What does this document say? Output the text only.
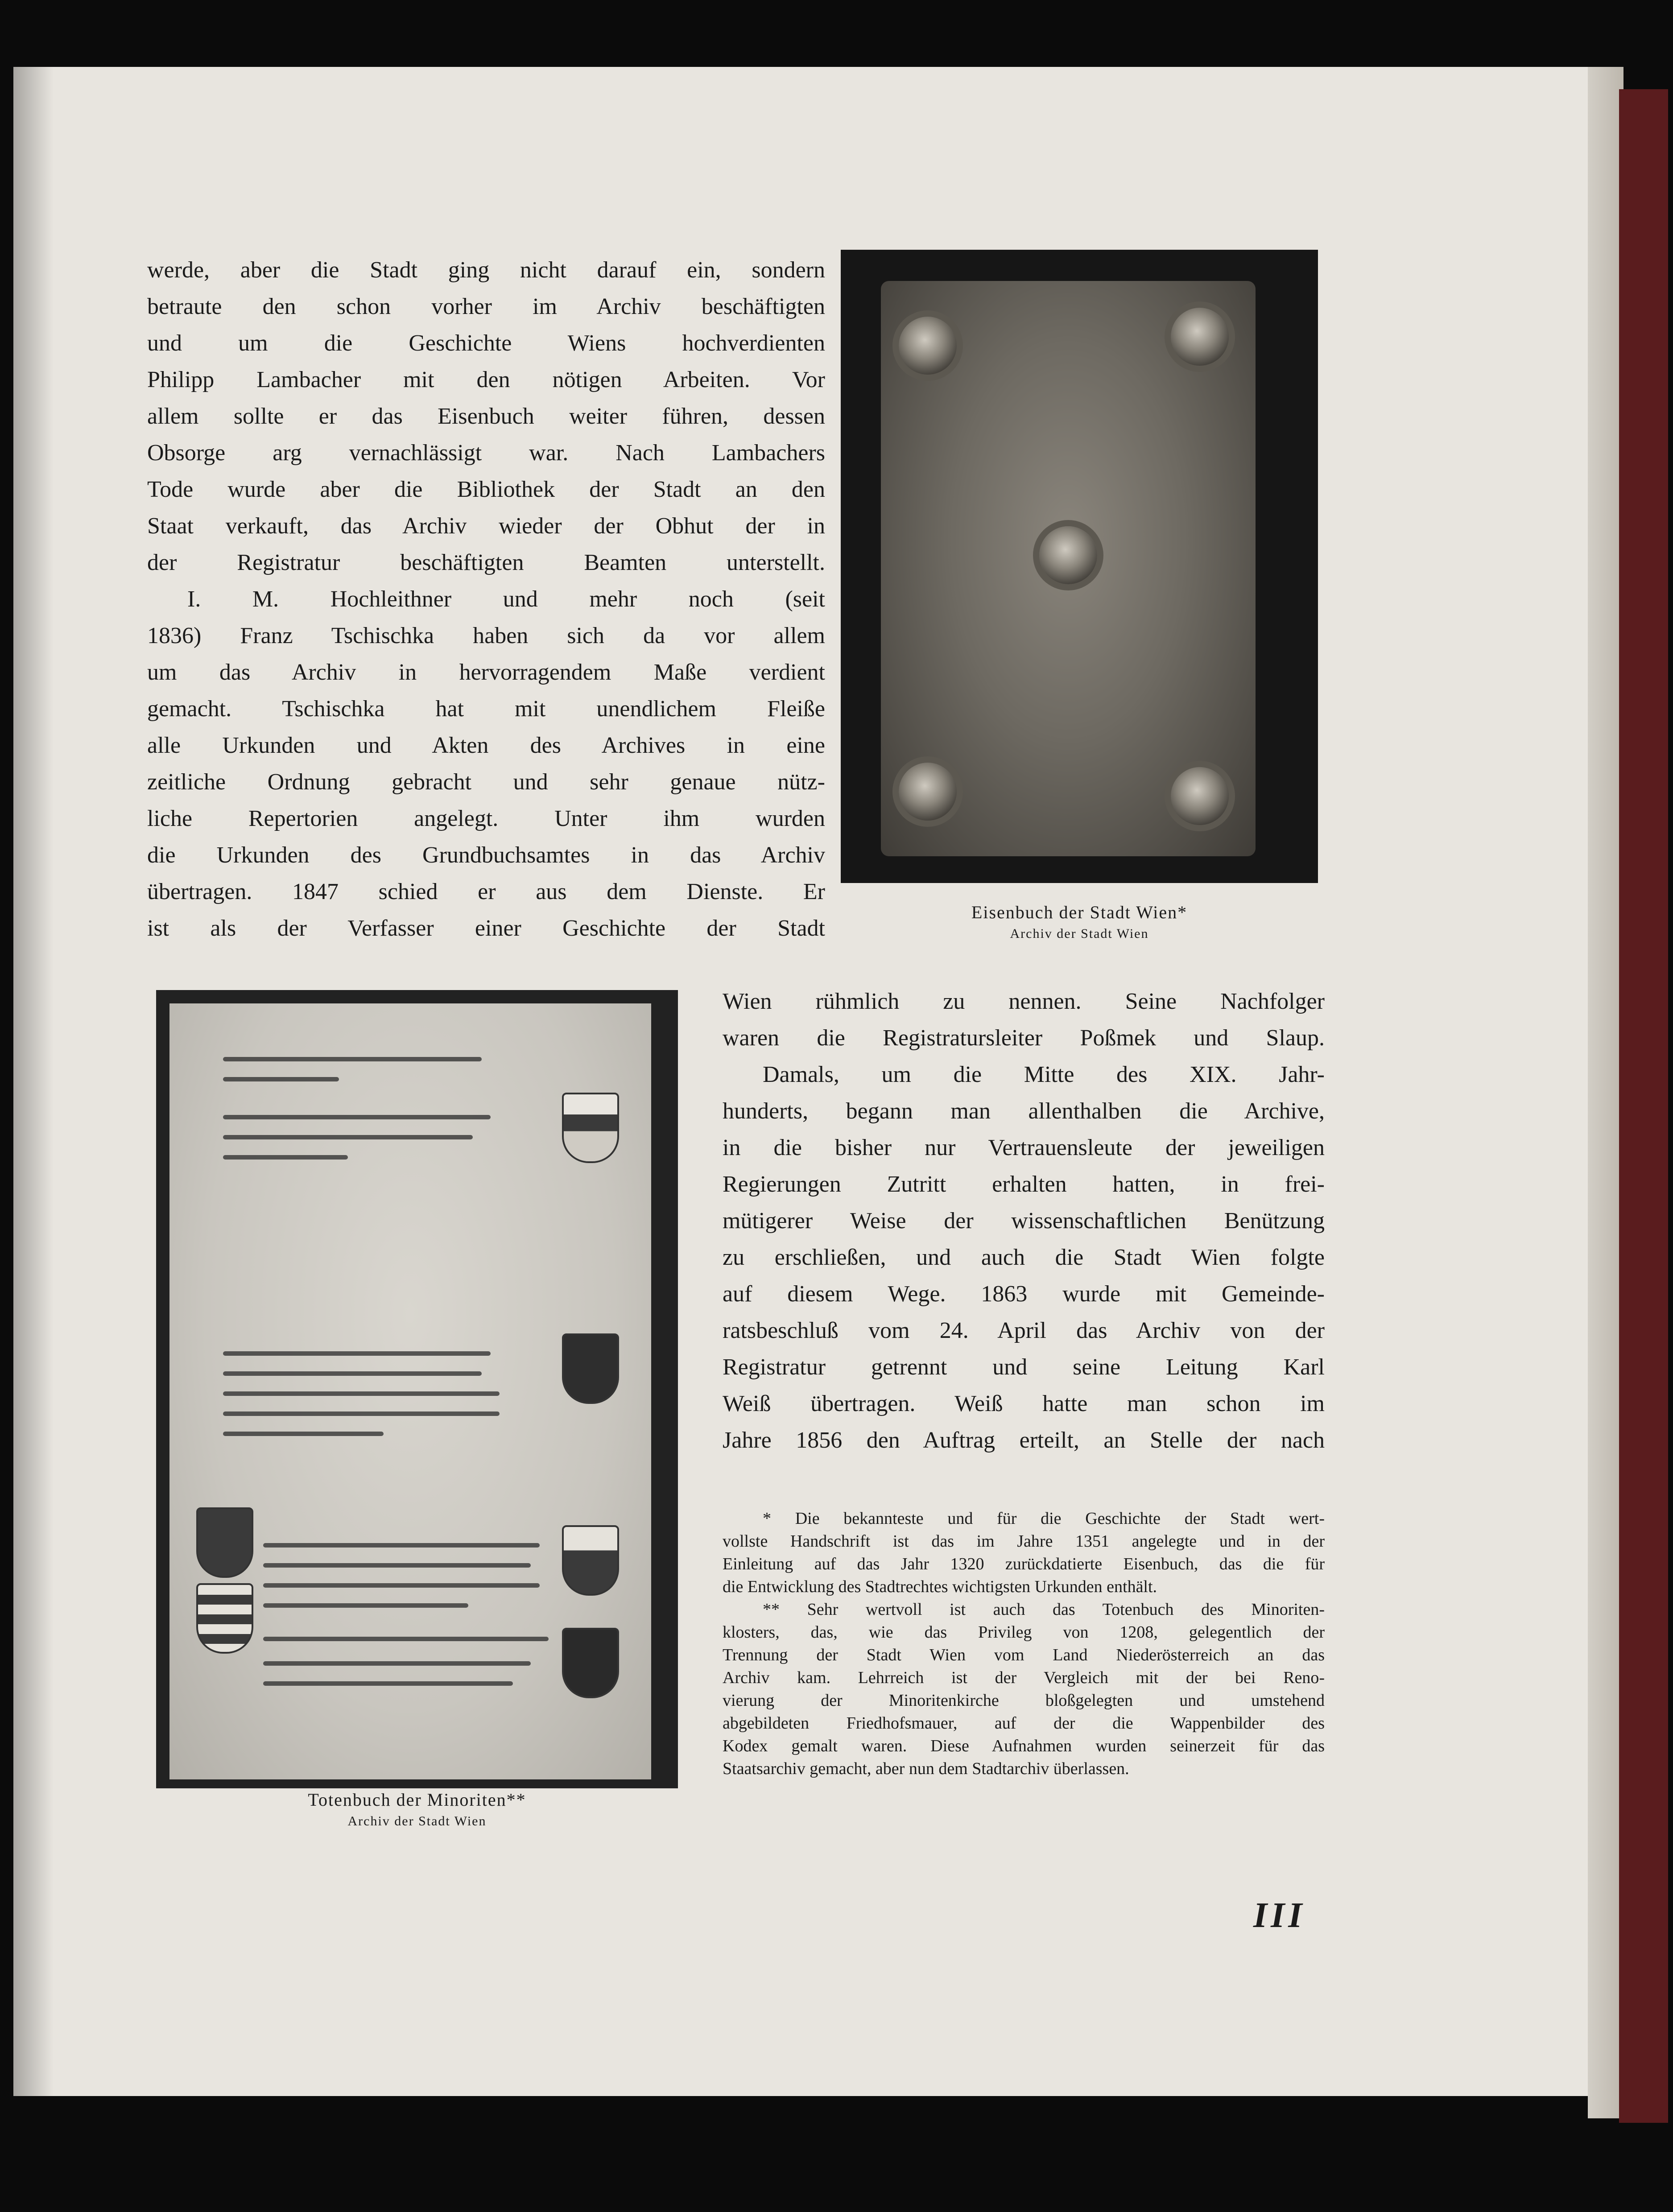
werde, aber die Stadt ging nicht darauf ein, sondern

betraute den schon vorher im Archiv beschäftigten

und um die Geschichte Wiens hochverdienten

Philipp Lambacher mit den nötigen Arbeiten. Vor

allem sollte er das Eisenbuch weiter führen, dessen

Obsorge arg vernachlässigt war. Nach Lambachers

Tode wurde aber die Bibliothek der Stadt an den

Staat verkauft, das Archiv wieder der Obhut der in

der Registratur beschäftigten Beamten unterstellt.

I. M. Hochleithner und mehr noch (seit

1836) Franz Tschischka haben sich da vor allem

um das Archiv in hervorragendem Maße verdient

gemacht. Tschischka hat mit unendlichem Fleiße

alle Urkunden und Akten des Archives in eine

zeitliche Ordnung gebracht und sehr genaue nütz-

liche Repertorien angelegt. Unter ihm wurden

die Urkunden des Grundbuchsamtes in das Archiv

übertragen. 1847 schied er aus dem Dienste. Er

ist als der Verfasser einer Geschichte der Stadt

Eisenbuch der Stadt Wien*
Archiv der Stadt Wien
Totenbuch der Minoriten**
Archiv der Stadt Wien

Wien rühmlich zu nennen. Seine Nachfolger

waren die Registratursleiter Poßmek und Slaup.

Damals, um die Mitte des XIX. Jahr-

hunderts, begann man allenthalben die Archive,

in die bisher nur Vertrauensleute der jeweiligen

Regierungen Zutritt erhalten hatten, in frei-

mütigerer Weise der wissenschaftlichen Benützung

zu erschließen, und auch die Stadt Wien folgte

auf diesem Wege. 1863 wurde mit Gemeinde-

ratsbeschluß vom 24. April das Archiv von der

Registratur getrennt und seine Leitung Karl

Weiß übertragen. Weiß hatte man schon im

Jahre 1856 den Auftrag erteilt, an Stelle der nach

* Die bekannteste und für die Geschichte der Stadt wert-

vollste Handschrift ist das im Jahre 1351 angelegte und in der

Einleitung auf das Jahr 1320 zurückdatierte Eisenbuch, das die für

die Entwicklung des Stadtrechtes wichtigsten Urkunden enthält.

** Sehr wertvoll ist auch das Totenbuch des Minoriten-

klosters, das, wie das Privileg von 1208, gelegentlich der

Trennung der Stadt Wien vom Land Niederösterreich an das

Archiv kam. Lehrreich ist der Vergleich mit der bei Reno-

vierung der Minoritenkirche bloßgelegten und umstehend

abgebildeten Friedhofsmauer, auf der die Wappenbilder des

Kodex gemalt waren. Diese Aufnahmen wurden seinerzeit für das

Staatsarchiv gemacht, aber nun dem Stadtarchiv überlassen.

III
